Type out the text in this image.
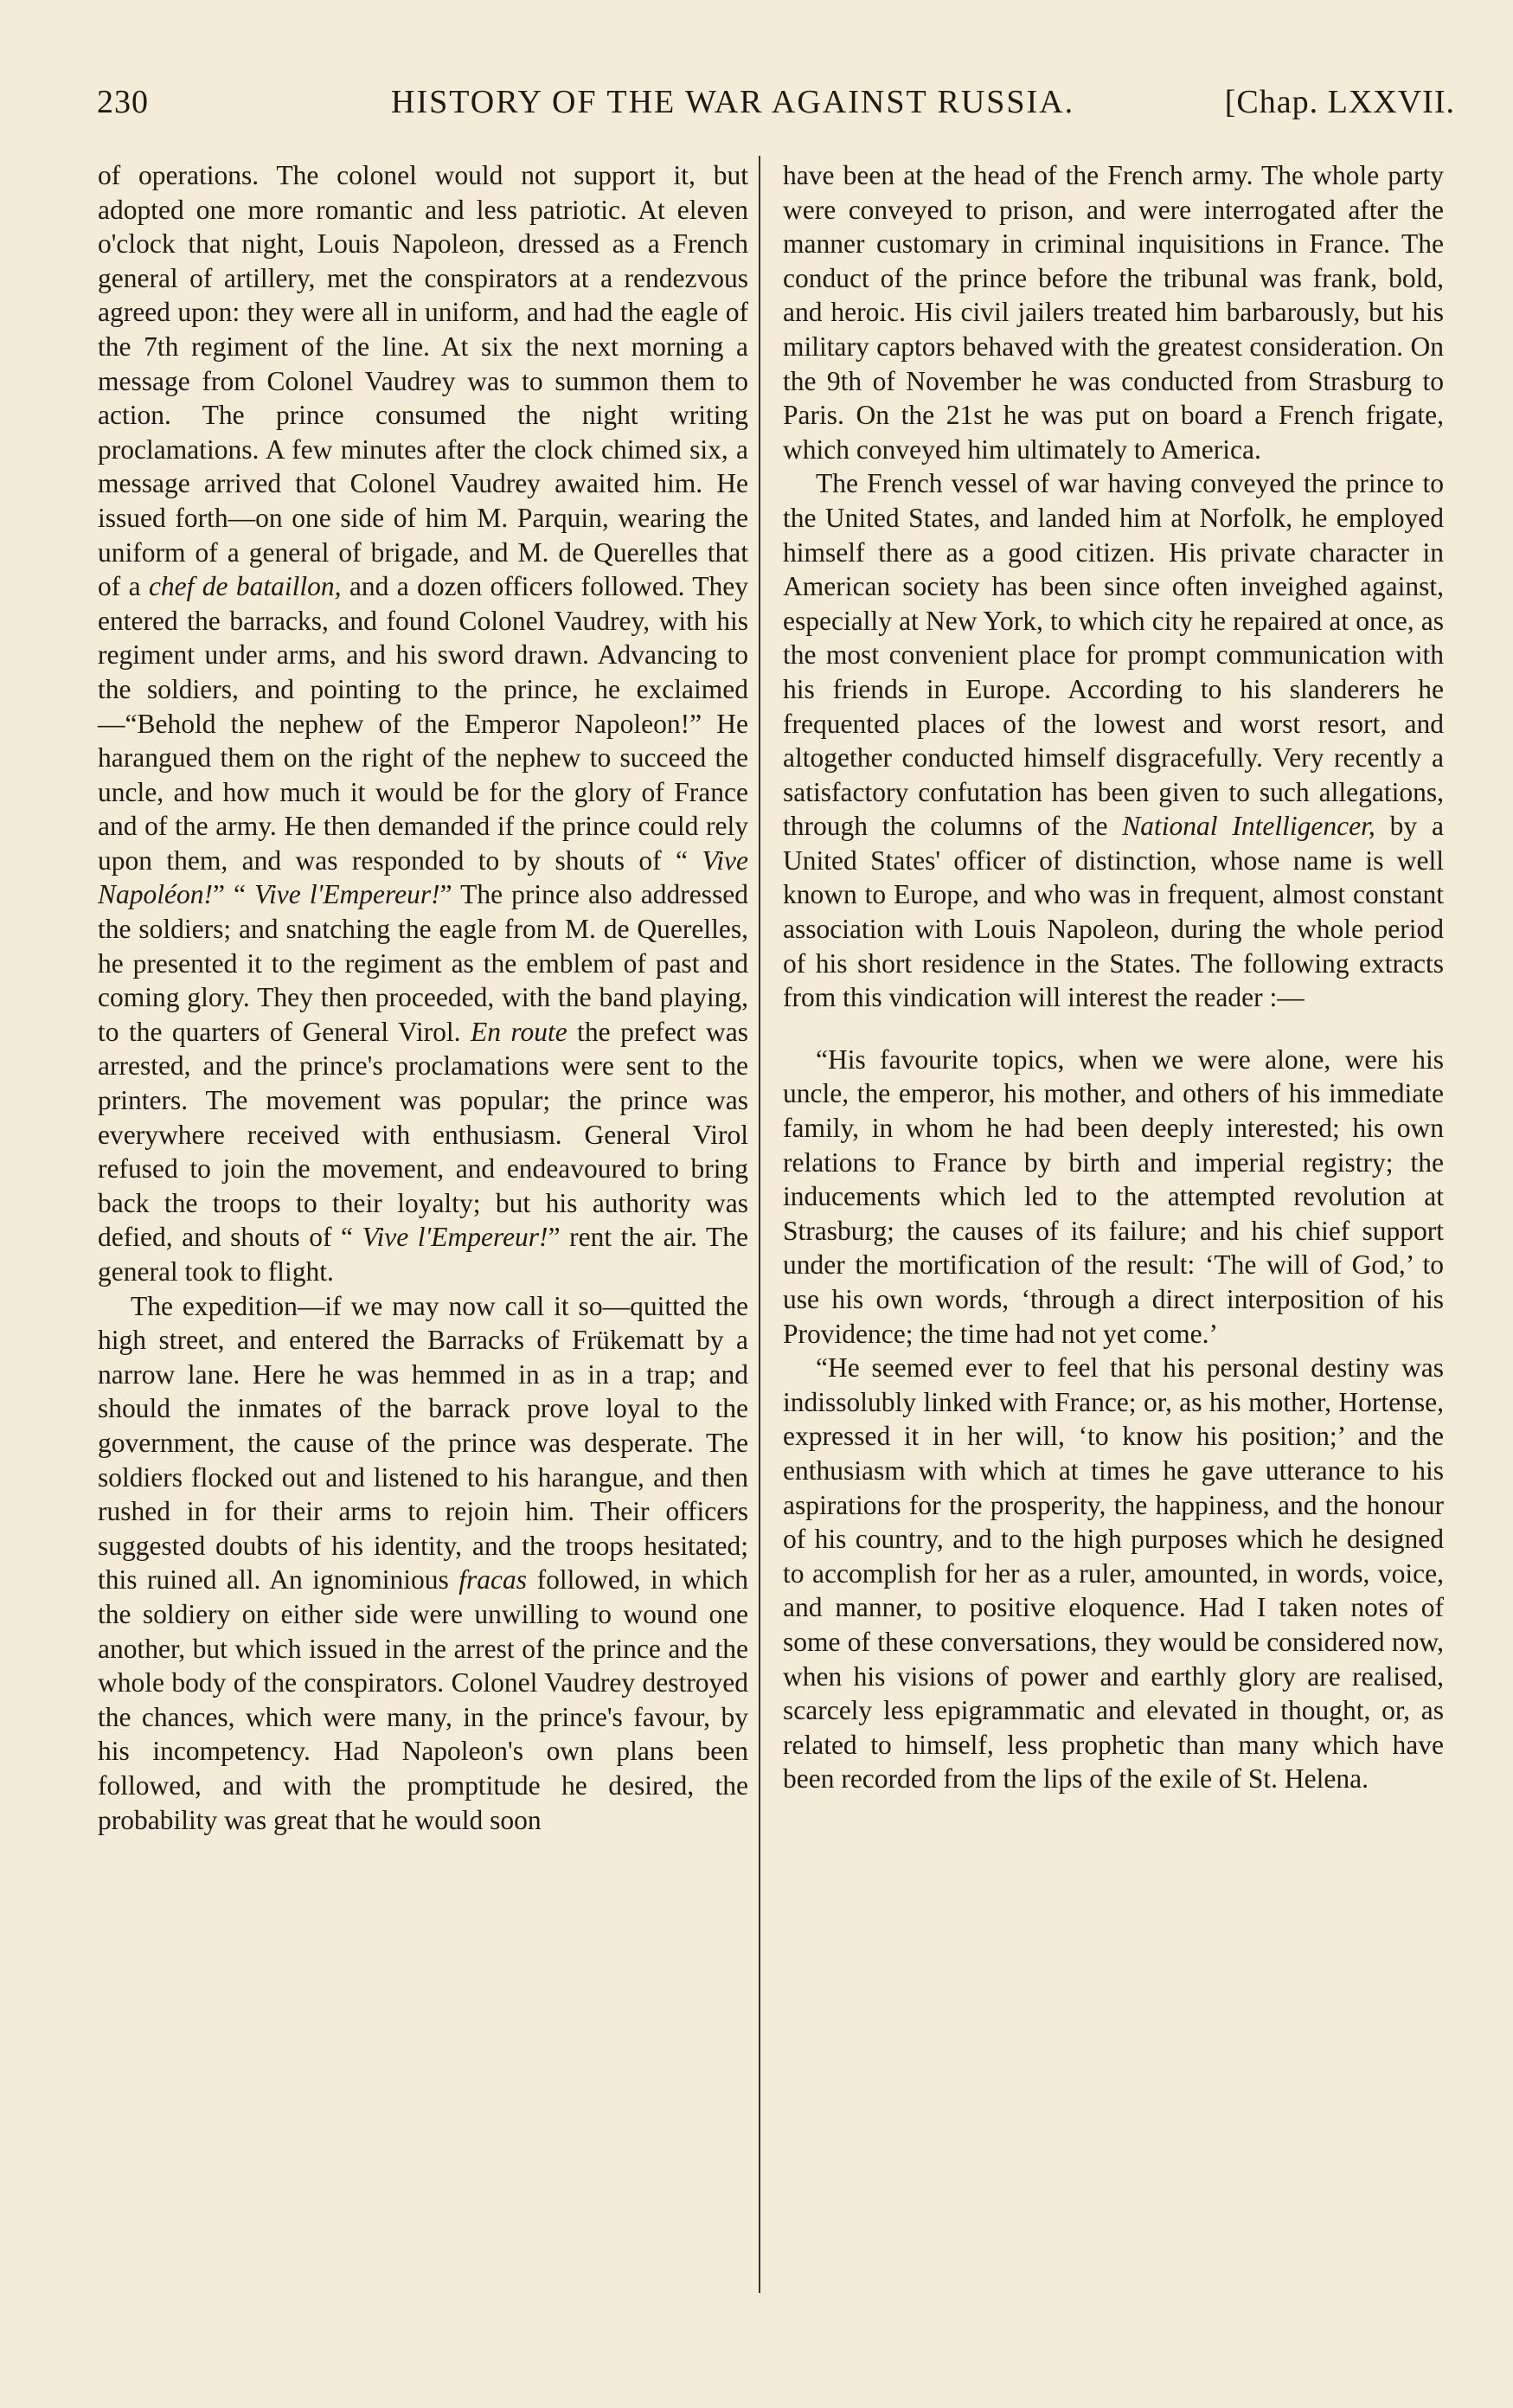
230	HISTORY OF THE WAR AGAINST RUSSIA.	[Chap. LXXVII.

of operations. The colonel would not support it, but adopted one more romantic and less patriotic. At eleven o'clock that night, Louis Napoleon, dressed as a French general of artillery, met the conspirators at a rendezvous agreed upon: they were all in uniform, and had the eagle of the 7th regiment of the line. At six the next morning a message from Colonel Vaudrey was to summon them to action. The prince consumed the night writing proclamations. A few minutes after the clock chimed six, a message arrived that Colonel Vaudrey awaited him. He issued forth—on one side of him M. Parquin, wearing the uniform of a general of brigade, and M. de Querelles that of a chef de bataillon, and a dozen officers followed. They entered the barracks, and found Colonel Vaudrey, with his regiment under arms, and his sword drawn. Advancing to the soldiers, and pointing to the prince, he exclaimed—“Behold the nephew of the Emperor Napoleon!” He harangued them on the right of the nephew to succeed the uncle, and how much it would be for the glory of France and of the army. He then demanded if the prince could rely upon them, and was responded to by shouts of “ Vive Napoléon!” “ Vive l'Empereur!” The prince also addressed the soldiers; and snatching the eagle from M. de Querelles, he presented it to the regiment as the emblem of past and coming glory. They then proceeded, with the band playing, to the quarters of General Virol. En route the prefect was arrested, and the prince's proclamations were sent to the printers. The movement was popular; the prince was everywhere received with enthusiasm. General Virol refused to join the movement, and endeavoured to bring back the troops to their loyalty; but his authority was defied, and shouts of “ Vive l'Empereur!” rent the air. The general took to flight.

The expedition—if we may now call it so—quitted the high street, and entered the Barracks of Frükematt by a narrow lane. Here he was hemmed in as in a trap; and should the inmates of the barrack prove loyal to the government, the cause of the prince was desperate. The soldiers flocked out and listened to his harangue, and then rushed in for their arms to rejoin him. Their officers suggested doubts of his identity, and the troops hesitated; this ruined all. An ignominious fracas followed, in which the soldiery on either side were unwilling to wound one another, but which issued in the arrest of the prince and the whole body of the conspirators. Colonel Vaudrey destroyed the chances, which were many, in the prince's favour, by his incompetency. Had Napoleon's own plans been followed, and with the promptitude he desired, the probability was great that he would soon

have been at the head of the French army. The whole party were conveyed to prison, and were interrogated after the manner customary in criminal inquisitions in France. The conduct of the prince before the tribunal was frank, bold, and heroic. His civil jailers treated him barbarously, but his military captors behaved with the greatest consideration. On the 9th of November he was conducted from Strasburg to Paris. On the 21st he was put on board a French frigate, which conveyed him ultimately to America.

The French vessel of war having conveyed the prince to the United States, and landed him at Norfolk, he employed himself there as a good citizen. His private character in American society has been since often inveighed against, especially at New York, to which city he repaired at once, as the most convenient place for prompt communication with his friends in Europe. According to his slanderers he frequented places of the lowest and worst resort, and altogether conducted himself disgracefully. Very recently a satisfactory confutation has been given to such allegations, through the columns of the National Intelligencer, by a United States' officer of distinction, whose name is well known to Europe, and who was in frequent, almost constant association with Louis Napoleon, during the whole period of his short residence in the States. The following extracts from this vindication will interest the reader :—

“His favourite topics, when we were alone, were his uncle, the emperor, his mother, and others of his immediate family, in whom he had been deeply interested; his own relations to France by birth and imperial registry; the inducements which led to the attempted revolution at Strasburg; the causes of its failure; and his chief support under the mortification of the result: ‘The will of God,’ to use his own words, ‘through a direct interposition of his Providence; the time had not yet come.’

“He seemed ever to feel that his personal destiny was indissolubly linked with France; or, as his mother, Hortense, expressed it in her will, ‘to know his position;’ and the enthusiasm with which at times he gave utterance to his aspirations for the prosperity, the happiness, and the honour of his country, and to the high purposes which he designed to accomplish for her as a ruler, amounted, in words, voice, and manner, to positive eloquence. Had I taken notes of some of these conversations, they would be considered now, when his visions of power and earthly glory are realised, scarcely less epigrammatic and elevated in thought, or, as related to himself, less prophetic than many which have been recorded from the lips of the exile of St. Helena.
